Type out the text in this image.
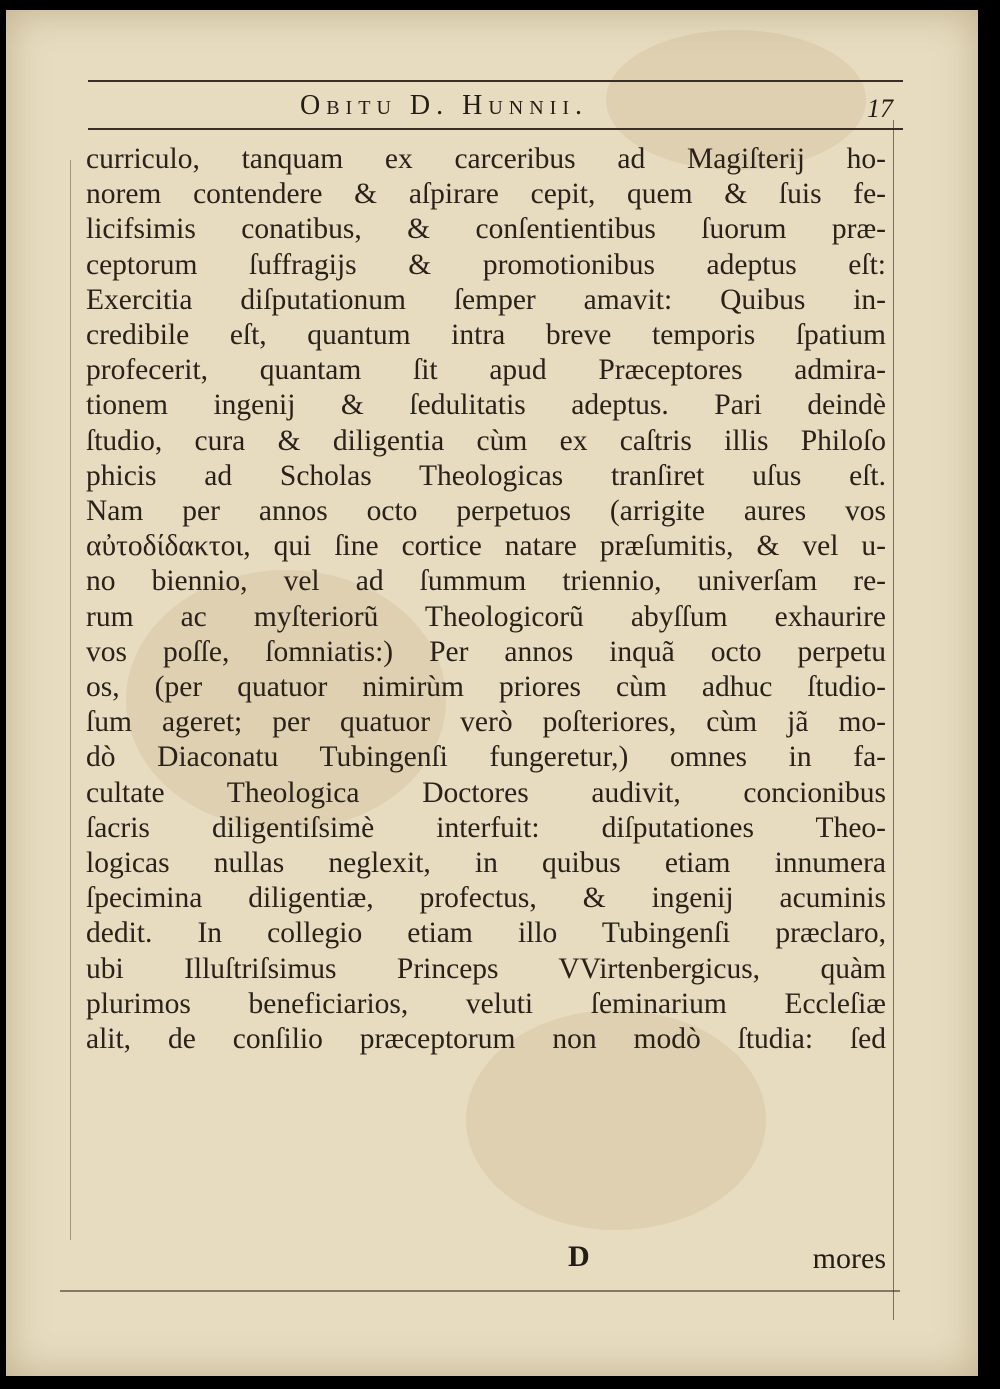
Obitu D. Hunnii.	17
curriculo, tanquam ex carceribus ad Magiſterij ho-
norem contendere & aſpirare cepit, quem & ſuis fe-
licifsimis conatibus, & conſentientibus ſuorum præ-
ceptorum ſuffragijs & promotionibus adeptus eſt:
Exercitia diſputationum ſemper amavit: Quibus in-
credibile eſt, quantum intra breve temporis ſpatium
profecerit, quantam ſit apud Præceptores admira-
tionem ingenij & ſedulitatis adeptus. Pari deindè
ſtudio, cura & diligentia cùm ex caſtris illis Philoſo
phicis ad Scholas Theologicas tranſiret uſus eſt.
Nam per annos octo perpetuos (arrigite aures vos
αὐτοδίδακτοι, qui ſine cortice natare præſumitis, & vel u-
no biennio, vel ad ſummum triennio, univerſam re-
rum ac myſteriorũ Theologicorũ abyſſum exhaurire
vos poſſe, ſomniatis:) Per annos inquã octo perpetu
os, (per quatuor nimirùm priores cùm adhuc ſtudio-
ſum ageret; per quatuor verò poſteriores, cùm jã mo-
dò Diaconatu Tubingenſi fungeretur,) omnes in fa-
cultate Theologica Doctores audivit, concionibus
ſacris diligentiſsimè interfuit: diſputationes Theo-
logicas nullas neglexit, in quibus etiam innumera
ſpecimina diligentiæ, profectus, & ingenij acuminis
dedit. In collegio etiam illo Tubingenſi præclaro,
ubi Illuſtriſsimus Princeps VVirtenbergicus, quàm
plurimos beneficiarios, veluti ſeminarium Eccleſiæ
alit, de conſilio præceptorum non modò ſtudia: ſed
D	mores
